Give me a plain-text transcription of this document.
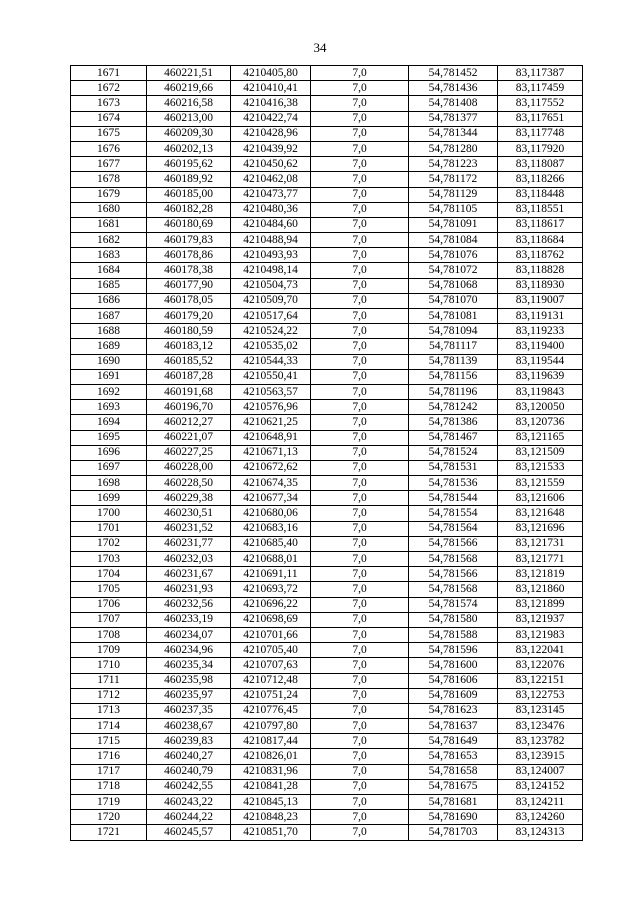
34
1671	460221,51	4210405,80	7,0	54,781452	83,117387
1672	460219,66	4210410,41	7,0	54,781436	83,117459
1673	460216,58	4210416,38	7,0	54,781408	83,117552
1674	460213,00	4210422,74	7,0	54,781377	83,117651
1675	460209,30	4210428,96	7,0	54,781344	83,117748
1676	460202,13	4210439,92	7,0	54,781280	83,117920
1677	460195,62	4210450,62	7,0	54,781223	83,118087
1678	460189,92	4210462,08	7,0	54,781172	83,118266
1679	460185,00	4210473,77	7,0	54,781129	83,118448
1680	460182,28	4210480,36	7,0	54,781105	83,118551
1681	460180,69	4210484,60	7,0	54,781091	83,118617
1682	460179,83	4210488,94	7,0	54,781084	83,118684
1683	460178,86	4210493,93	7,0	54,781076	83,118762
1684	460178,38	4210498,14	7,0	54,781072	83,118828
1685	460177,90	4210504,73	7,0	54,781068	83,118930
1686	460178,05	4210509,70	7,0	54,781070	83,119007
1687	460179,20	4210517,64	7,0	54,781081	83,119131
1688	460180,59	4210524,22	7,0	54,781094	83,119233
1689	460183,12	4210535,02	7,0	54,781117	83,119400
1690	460185,52	4210544,33	7,0	54,781139	83,119544
1691	460187,28	4210550,41	7,0	54,781156	83,119639
1692	460191,68	4210563,57	7,0	54,781196	83,119843
1693	460196,70	4210576,96	7,0	54,781242	83,120050
1694	460212,27	4210621,25	7,0	54,781386	83,120736
1695	460221,07	4210648,91	7,0	54,781467	83,121165
1696	460227,25	4210671,13	7,0	54,781524	83,121509
1697	460228,00	4210672,62	7,0	54,781531	83,121533
1698	460228,50	4210674,35	7,0	54,781536	83,121559
1699	460229,38	4210677,34	7,0	54,781544	83,121606
1700	460230,51	4210680,06	7,0	54,781554	83,121648
1701	460231,52	4210683,16	7,0	54,781564	83,121696
1702	460231,77	4210685,40	7,0	54,781566	83,121731
1703	460232,03	4210688,01	7,0	54,781568	83,121771
1704	460231,67	4210691,11	7,0	54,781566	83,121819
1705	460231,93	4210693,72	7,0	54,781568	83,121860
1706	460232,56	4210696,22	7,0	54,781574	83,121899
1707	460233,19	4210698,69	7,0	54,781580	83,121937
1708	460234,07	4210701,66	7,0	54,781588	83,121983
1709	460234,96	4210705,40	7,0	54,781596	83,122041
1710	460235,34	4210707,63	7,0	54,781600	83,122076
1711	460235,98	4210712,48	7,0	54,781606	83,122151
1712	460235,97	4210751,24	7,0	54,781609	83,122753
1713	460237,35	4210776,45	7,0	54,781623	83,123145
1714	460238,67	4210797,80	7,0	54,781637	83,123476
1715	460239,83	4210817,44	7,0	54,781649	83,123782
1716	460240,27	4210826,01	7,0	54,781653	83,123915
1717	460240,79	4210831,96	7,0	54,781658	83,124007
1718	460242,55	4210841,28	7,0	54,781675	83,124152
1719	460243,22	4210845,13	7,0	54,781681	83,124211
1720	460244,22	4210848,23	7,0	54,781690	83,124260
1721	460245,57	4210851,70	7,0	54,781703	83,124313
